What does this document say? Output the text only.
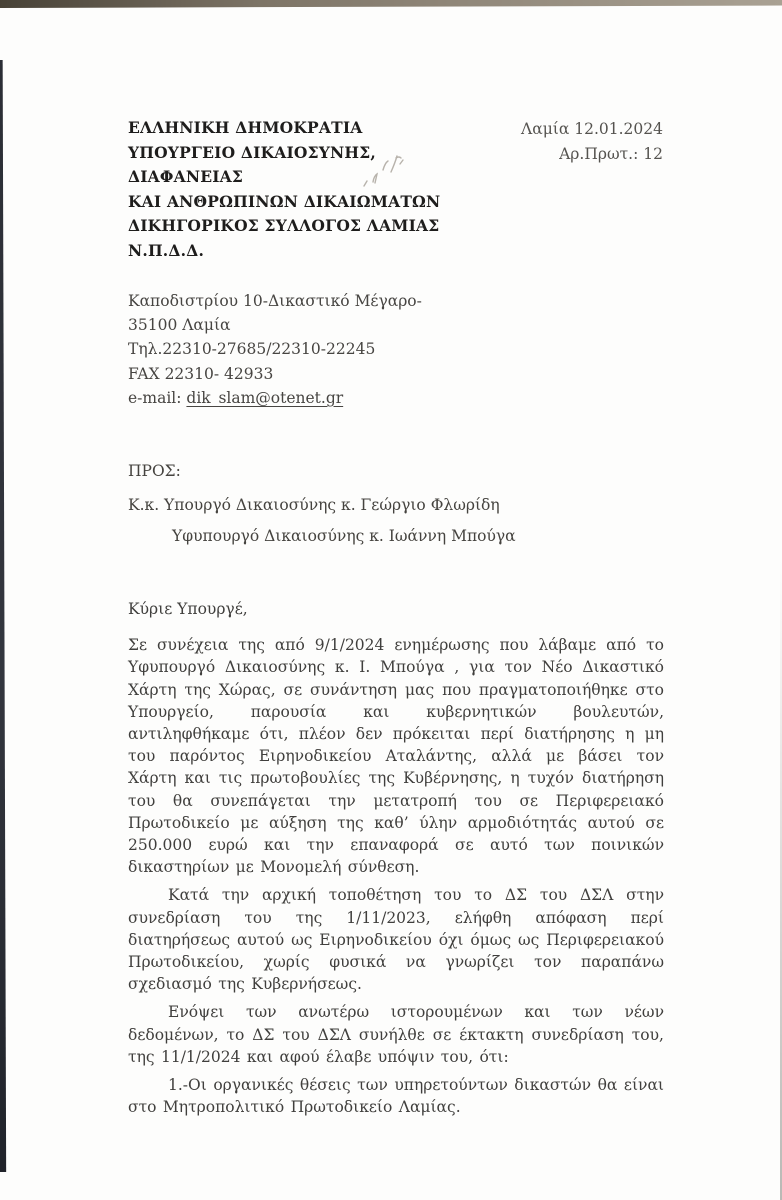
ΕΛΛΗΝΙΚΗ ΔΗΜΟΚΡΑΤΙΑ
ΥΠΟΥΡΓΕΙΟ ΔΙΚΑΙΟΣΥΝΗΣ,
ΔΙΑΦΑΝΕΙΑΣ
ΚΑΙ ΑΝΘΡΩΠΙΝΩΝ ΔΙΚΑΙΩΜΑΤΩΝ
ΔΙΚΗΓΟΡΙΚΟΣ ΣΥΛΛΟΓΟΣ ΛΑΜΙΑΣ
Ν.Π.Δ.Δ.
Λαμία 12.01.2024
Αρ.Πρωτ.: 12
Καποδιστρίου 10-Δικαστικό Μέγαρο-
35100 Λαμία
Τηλ.22310-27685/22310-22245
FAX 22310- 42933
e-mail: dik_slam@otenet.gr
ΠΡΟΣ:
Κ.κ. Υπουργό Δικαιοσύνης κ. Γεώργιο Φλωρίδη
Υφυπουργό Δικαιοσύνης κ. Ιωάννη Μπούγα

Κύριε Υπουργέ,

Σε συνέχεια της από 9/1/2024 ενημέρωσης που λάβαμε από το Υφυπουργό Δικαιοσύνης κ. Ι. Μπούγα , για τον Νέο Δικαστικό Χάρτη της Χώρας, σε συνάντηση μας που πραγματοποιήθηκε στο Υπουργείο, παρουσία και κυβερνητικών βουλευτών, αντιληφθήκαμε ότι, πλέον δεν πρόκειται περί διατήρησης η μη του παρόντος Ειρηνοδικείου Αταλάντης, αλλά με βάσει τον Χάρτη και τις πρωτοβουλίες της Κυβέρνησης, η τυχόν διατήρηση του θα συνεπάγεται την μετατροπή του σε Περιφερειακό Πρωτοδικείο με αύξηση της καθ’ ύλην αρμοδιότητάς αυτού σε 250.000 ευρώ και την επαναφορά σε αυτό των ποινικών δικαστηρίων με Μονομελή σύνθεση.

Κατά την αρχική τοποθέτηση του το ΔΣ του ΔΣΛ στην συνεδρίαση του της 1/11/2023, ελήφθη απόφαση περί διατηρήσεως αυτού ως Ειρηνοδικείου όχι όμως ως Περιφερειακού Πρωτοδικείου, χωρίς φυσικά να γνωρίζει τον παραπάνω σχεδιασμό της Κυβερνήσεως.

Ενόψει των ανωτέρω ιστορουμένων και των νέων δεδομένων, το ΔΣ του ΔΣΛ συνήλθε σε έκτακτη συνεδρίαση του, της 11/1/2024 και αφού έλαβε υπόψιν του, ότι:

1.-Οι οργανικές θέσεις των υπηρετούντων δικαστών θα είναι στο Μητροπολιτικό Πρωτοδικείο Λαμίας.
